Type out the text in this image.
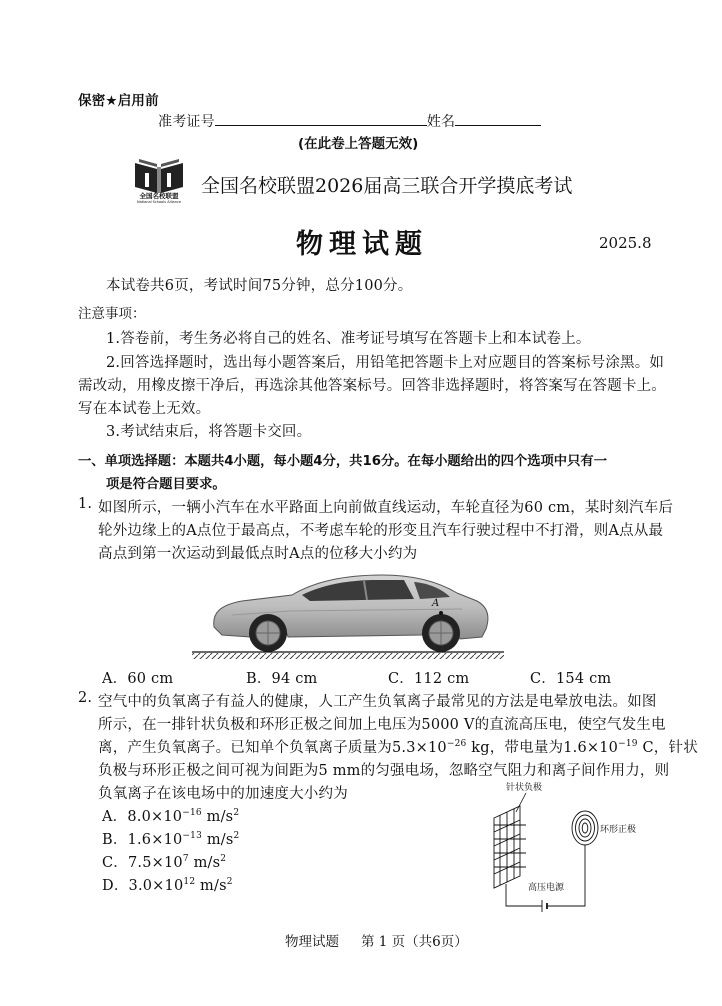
保密★启用前
准考证号	姓名
(在此卷上答题无效)
全国名校联盟
National Schools Alliance
全国名校联盟2026届高三联合开学摸底考试
物理试题	2025.8
本试卷共6页，考试时间75分钟，总分100分。
注意事项：
1.答卷前，考生务必将自己的姓名、准考证号填写在答题卡上和本试卷上。
2.回答选择题时，选出每小题答案后，用铅笔把答题卡上对应题目的答案标号涂黑。如
需改动，用橡皮擦干净后，再选涂其他答案标号。回答非选择题时，将答案写在答题卡上。
写在本试卷上无效。
3.考试结束后，将答题卡交回。
一、单项选择题：本题共4小题，每小题4分，共16分。在每小题给出的四个选项中只有一
项是符合题目要求。
1. 如图所示，一辆小汽车在水平路面上向前做直线运动，车轮直径为60 cm，某时刻汽车后
轮外边缘上的A点位于最高点，不考虑车轮的形变且汽车行驶过程中不打滑，则A点从最
高点到第一次运动到最低点时A点的位移大小约为
A
A．60 cm	B．94 cm	C．112 cm	C．154 cm
2. 空气中的负氧离子有益人的健康，人工产生负氧离子最常见的方法是电晕放电法。如图
所示，在一排针状负极和环形正极之间加上电压为5000 V的直流高压电，使空气发生电
离，产生负氧离子。已知单个负氧离子质量为$5.3\times 10^{-26}$ kg，带电量为$1.6\times 10^{-19}$ C，针状
负极与环形正极之间可视为间距为5 mm的匀强电场，忽略空气阻力和离子间作用力，则
负氧离子在该电场中的加速度大小约为
A．$8.0\times 10^{-16}$ $m/s^2$
B．$1.6\times 10^{-13}$ $m/s^2$
C．$7.5\times 10^7$ $m/s^2$
D．$3.0\times 10^{12}$ $m/s^2$
针状负极
环形正极
高压电源
物理试题 第 1 页（共6页）
